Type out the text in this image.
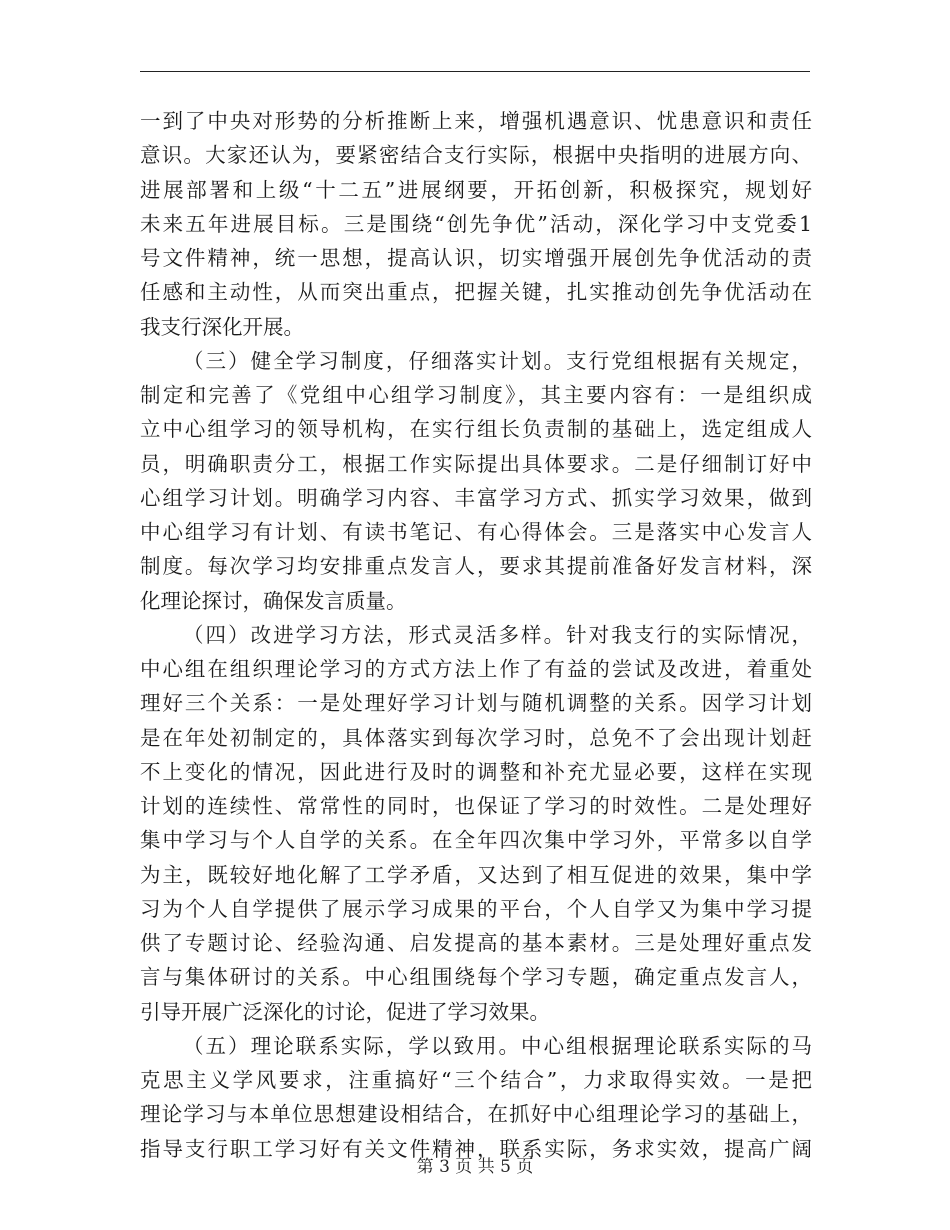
一到了中央对形势的分析推断上来，增强机遇意识、忧患意识和责任
意识。大家还认为，要紧密结合支行实际，根据中央指明的进展方向、
进展部署和上级“十二五”进展纲要，开拓创新，积极探究，规划好
未来五年进展目标。三是围绕“创先争优”活动，深化学习中支党委1
号文件精神，统一思想，提高认识，切实增强开展创先争优活动的责
任感和主动性，从而突出重点，把握关键，扎实推动创先争优活动在
我支行深化开展。
（三）健全学习制度，仔细落实计划。支行党组根据有关规定，
制定和完善了《党组中心组学习制度》，其主要内容有：一是组织成
立中心组学习的领导机构，在实行组长负责制的基础上，选定组成人
员，明确职责分工，根据工作实际提出具体要求。二是仔细制订好中
心组学习计划。明确学习内容、丰富学习方式、抓实学习效果，做到
中心组学习有计划、有读书笔记、有心得体会。三是落实中心发言人
制度。每次学习均安排重点发言人，要求其提前准备好发言材料，深
化理论探讨，确保发言质量。
（四）改进学习方法，形式灵活多样。针对我支行的实际情况，
中心组在组织理论学习的方式方法上作了有益的尝试及改进，着重处
理好三个关系：一是处理好学习计划与随机调整的关系。因学习计划
是在年处初制定的，具体落实到每次学习时，总免不了会出现计划赶
不上变化的情况，因此进行及时的调整和补充尤显必要，这样在实现
计划的连续性、常常性的同时，也保证了学习的时效性。二是处理好
集中学习与个人自学的关系。在全年四次集中学习外，平常多以自学
为主，既较好地化解了工学矛盾，又达到了相互促进的效果，集中学
习为个人自学提供了展示学习成果的平台，个人自学又为集中学习提
供了专题讨论、经验沟通、启发提高的基本素材。三是处理好重点发
言与集体研讨的关系。中心组围绕每个学习专题，确定重点发言人，
引导开展广泛深化的讨论，促进了学习效果。
（五）理论联系实际，学以致用。中心组根据理论联系实际的马
克思主义学风要求，注重搞好“三个结合”，力求取得实效。一是把
理论学习与本单位思想建设相结合，在抓好中心组理论学习的基础上，
指导支行职工学习好有关文件精神，联系实际，务求实效，提高广阔
第 3 页 共 5 页
